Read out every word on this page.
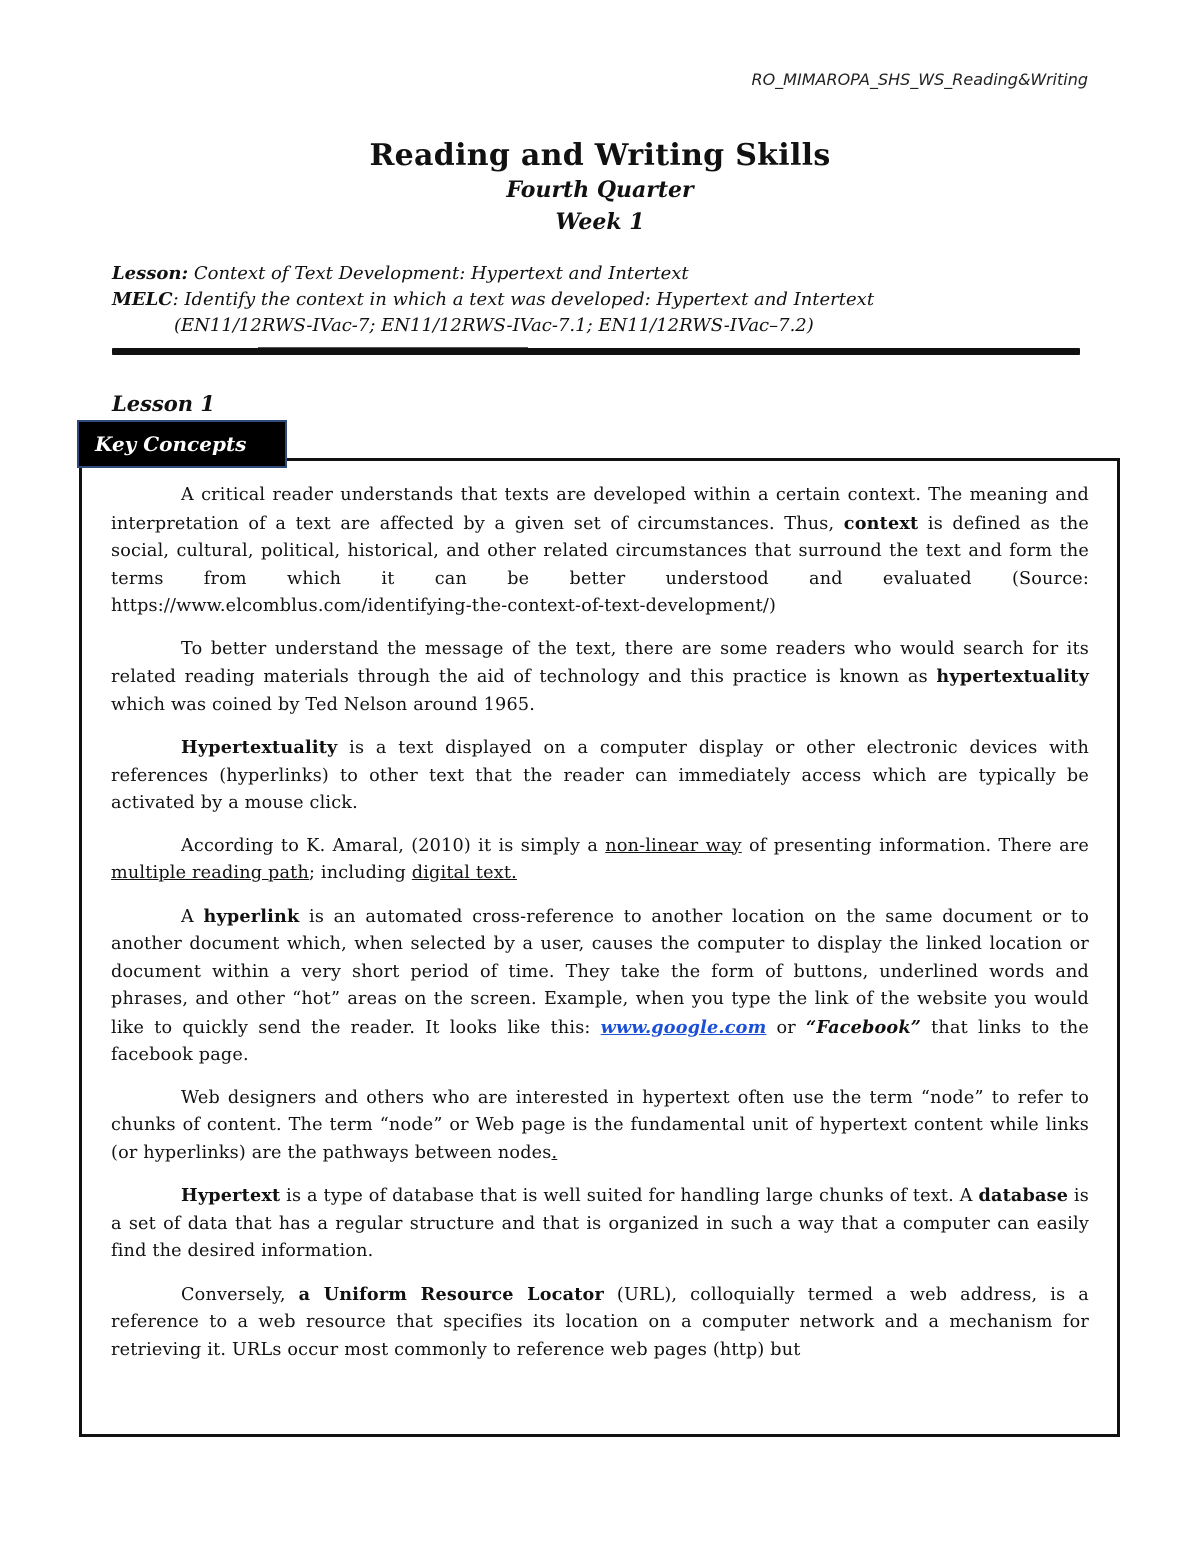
RO_MIMAROPA_SHS_WS_Reading&Writing
Reading and Writing Skills
Fourth Quarter
Week 1
Lesson: Context of Text Development: Hypertext and Intertext
MELC: Identify the context in which a text was developed: Hypertext and Intertext
(EN11/12RWS-IVac-7; EN11/12RWS-IVac-7.1; EN11/12RWS-IVac–7.2)
Lesson 1
Key Concepts

A critical reader understands that texts are developed within a certain context. The meaning and interpretation of a text are affected by a given set of circumstances. Thus, context is defined as the social, cultural, political, historical, and other related circumstances that surround the text and form the terms from which it can be better understood and evaluated (Source: https://www.elcomblus.com/identifying-the-context-of-text-development/)

To better understand the message of the text, there are some readers who would search for its related reading materials through the aid of technology and this practice is known as hypertextuality which was coined by Ted Nelson around 1965.

Hypertextuality is a text displayed on a computer display or other electronic devices with references (hyperlinks) to other text that the reader can immediately access which are typically be activated by a mouse click.

According to K. Amaral, (2010) it is simply a non-linear way of presenting information. There are multiple reading path; including digital text.

A hyperlink is an automated cross-reference to another location on the same document or to another document which, when selected by a user, causes the computer to display the linked location or document within a very short period of time. They take the form of buttons, underlined words and phrases, and other “hot” areas on the screen. Example, when you type the link of the website you would like to quickly send the reader. It looks like this: www.google.com or “Facebook” that links to the facebook page.

Web designers and others who are interested in hypertext often use the term “node” to refer to chunks of content. The term “node” or Web page is the fundamental unit of hypertext content while links (or hyperlinks) are the pathways between nodes.

Hypertext is a type of database that is well suited for handling large chunks of text. A database is a set of data that has a regular structure and that is organized in such a way that a computer can easily find the desired information.

Conversely, a Uniform Resource Locator (URL), colloquially termed a web address, is a reference to a web resource that specifies its location on a computer network and a mechanism for retrieving it. URLs occur most commonly to reference web pages (http) but
